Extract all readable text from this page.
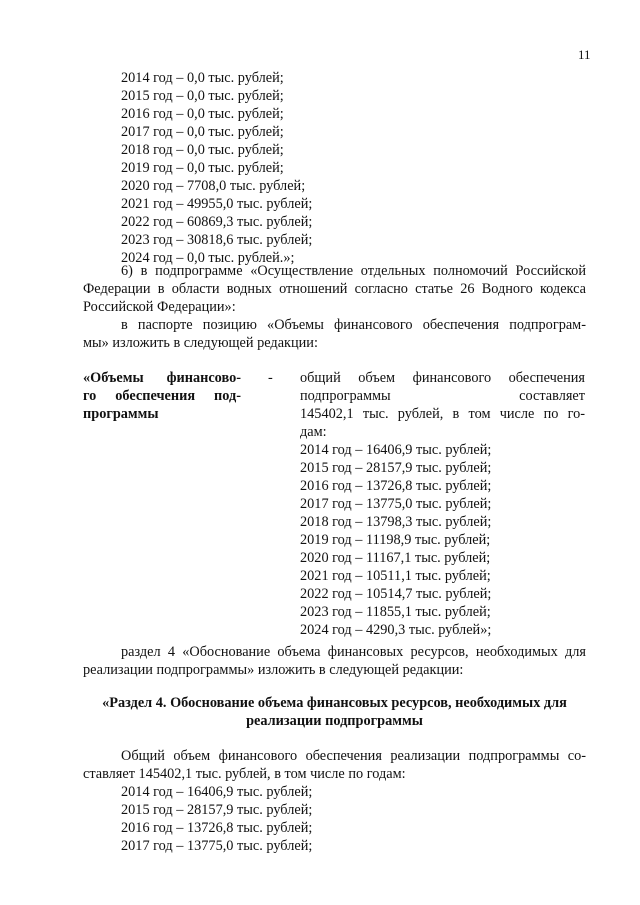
11
2014 год – 0,0 тыс. рублей;
2015 год – 0,0 тыс. рублей;
2016 год – 0,0 тыс. рублей;
2017 год – 0,0 тыс. рублей;
2018 год – 0,0 тыс. рублей;
2019 год – 0,0 тыс. рублей;
2020 год – 7708,0 тыс. рублей;
2021 год – 49955,0 тыс. рублей;
2022 год – 60869,3 тыс. рублей;
2023 год – 30818,6 тыс. рублей;
2024 год – 0,0 тыс. рублей.»;
6) в подпрограмме «Осуществление отдельных полномочий Российской
Федерации в области водных отношений согласно статье 26 Водного кодекса
Российской Федерации»:
в паспорте позицию «Объемы финансового обеспечения подпрограм-
мы» изложить в следующей редакции:
«Объемы финансово-
го обеспечения под-
программы
- общий объем финансового обеспечения
подпрограммы составляет
145402,1 тыс. рублей, в том числе по го-
дам:
2014 год – 16406,9 тыс. рублей;
2015 год – 28157,9 тыс. рублей;
2016 год – 13726,8 тыс. рублей;
2017 год – 13775,0 тыс. рублей;
2018 год – 13798,3 тыс. рублей;
2019 год – 11198,9 тыс. рублей;
2020 год – 11167,1 тыс. рублей;
2021 год – 10511,1 тыс. рублей;
2022 год – 10514,7 тыс. рублей;
2023 год – 11855,1 тыс. рублей;
2024 год – 4290,3 тыс. рублей»;
раздел 4 «Обоснование объема финансовых ресурсов, необходимых для
реализации подпрограммы» изложить в следующей редакции:
«Раздел 4. Обоснование объема финансовых ресурсов, необходимых для
реализации подпрограммы
Общий объем финансового обеспечения реализации подпрограммы со-
ставляет 145402,1 тыс. рублей, в том числе по годам:
2014 год – 16406,9 тыс. рублей;
2015 год – 28157,9 тыс. рублей;
2016 год – 13726,8 тыс. рублей;
2017 год – 13775,0 тыс. рублей;
